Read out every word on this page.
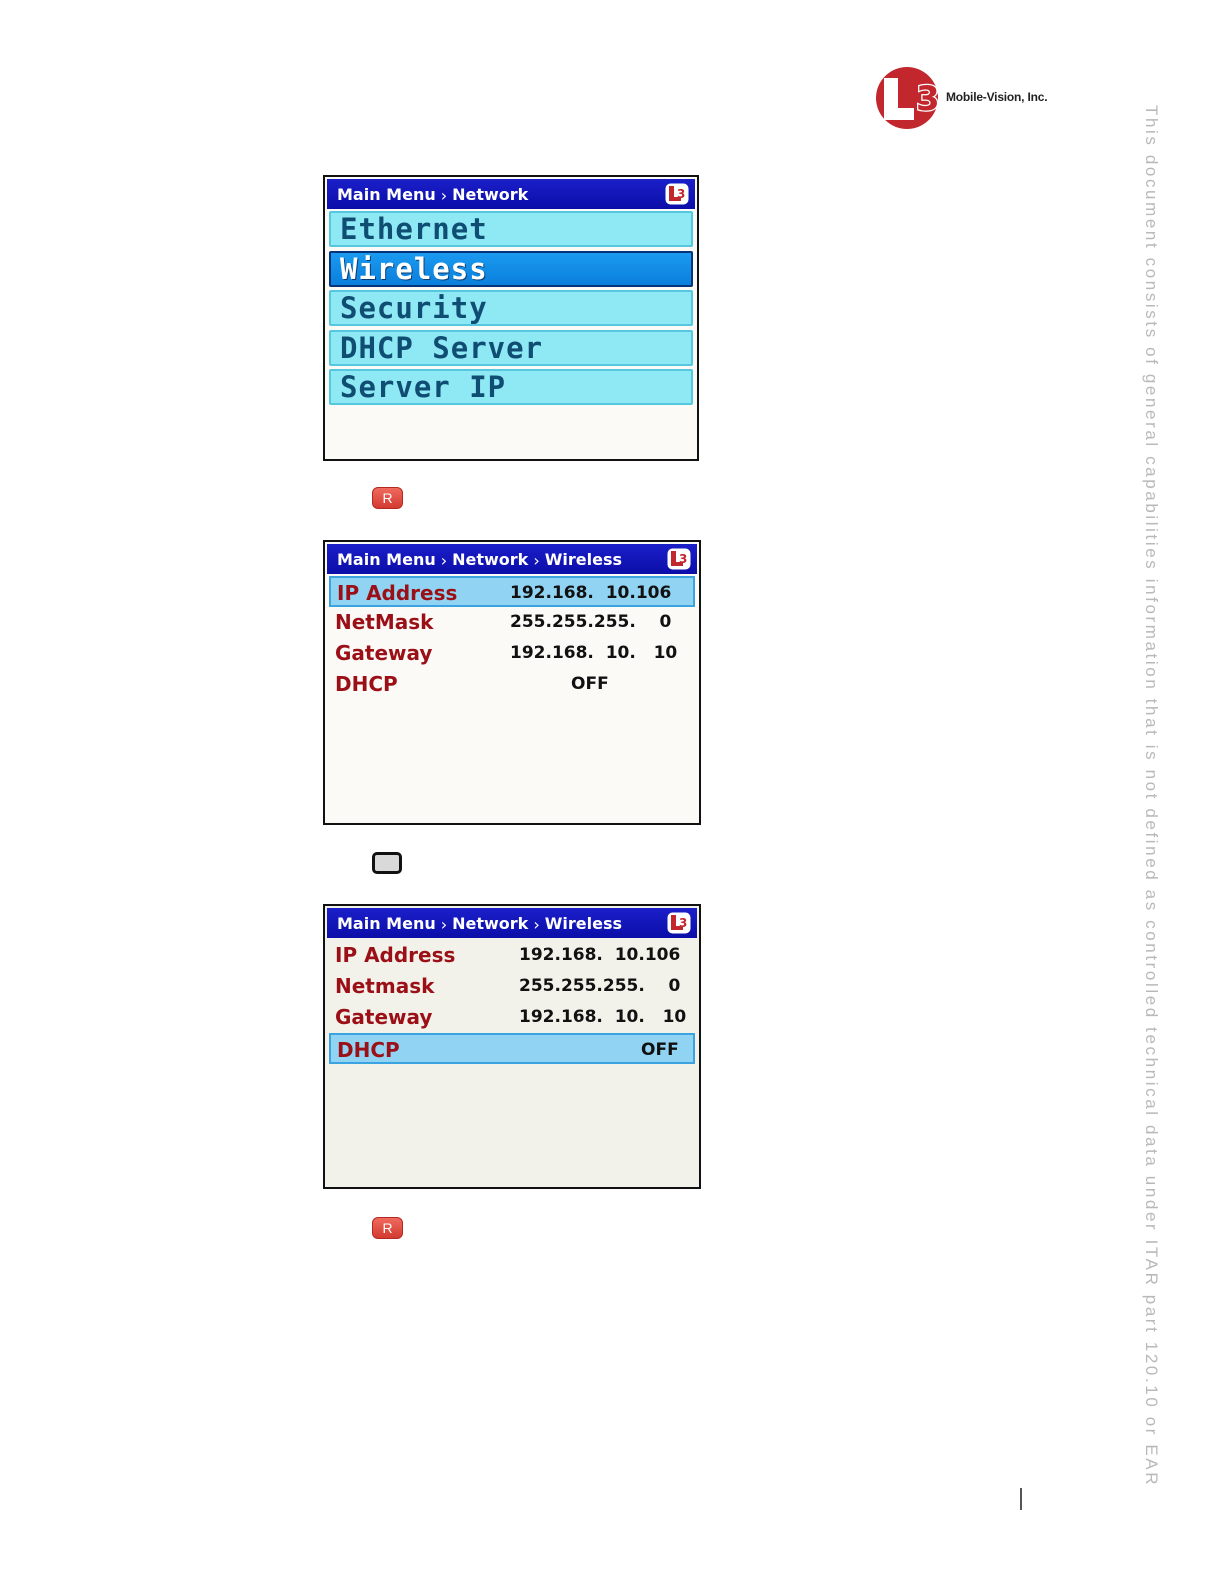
3 Mobile-Vision, Inc.
This document consists of general capabilities information that is not defined as controlled technical data under ITAR part 120.10 or EAR
Main Menu › Network	3
Ethernet
Wireless
Security
DHCP Server
Server IP
R
Main Menu › Network › Wireless	3
IP Address	192.168.  10.106
NetMask	255.255.255.    0
Gateway	192.168.  10.   10
DHCP	OFF
Main Menu › Network › Wireless	3
IP Address	192.168.  10.106
Netmask	255.255.255.    0
Gateway	192.168.  10.   10
DHCP	OFF
R
